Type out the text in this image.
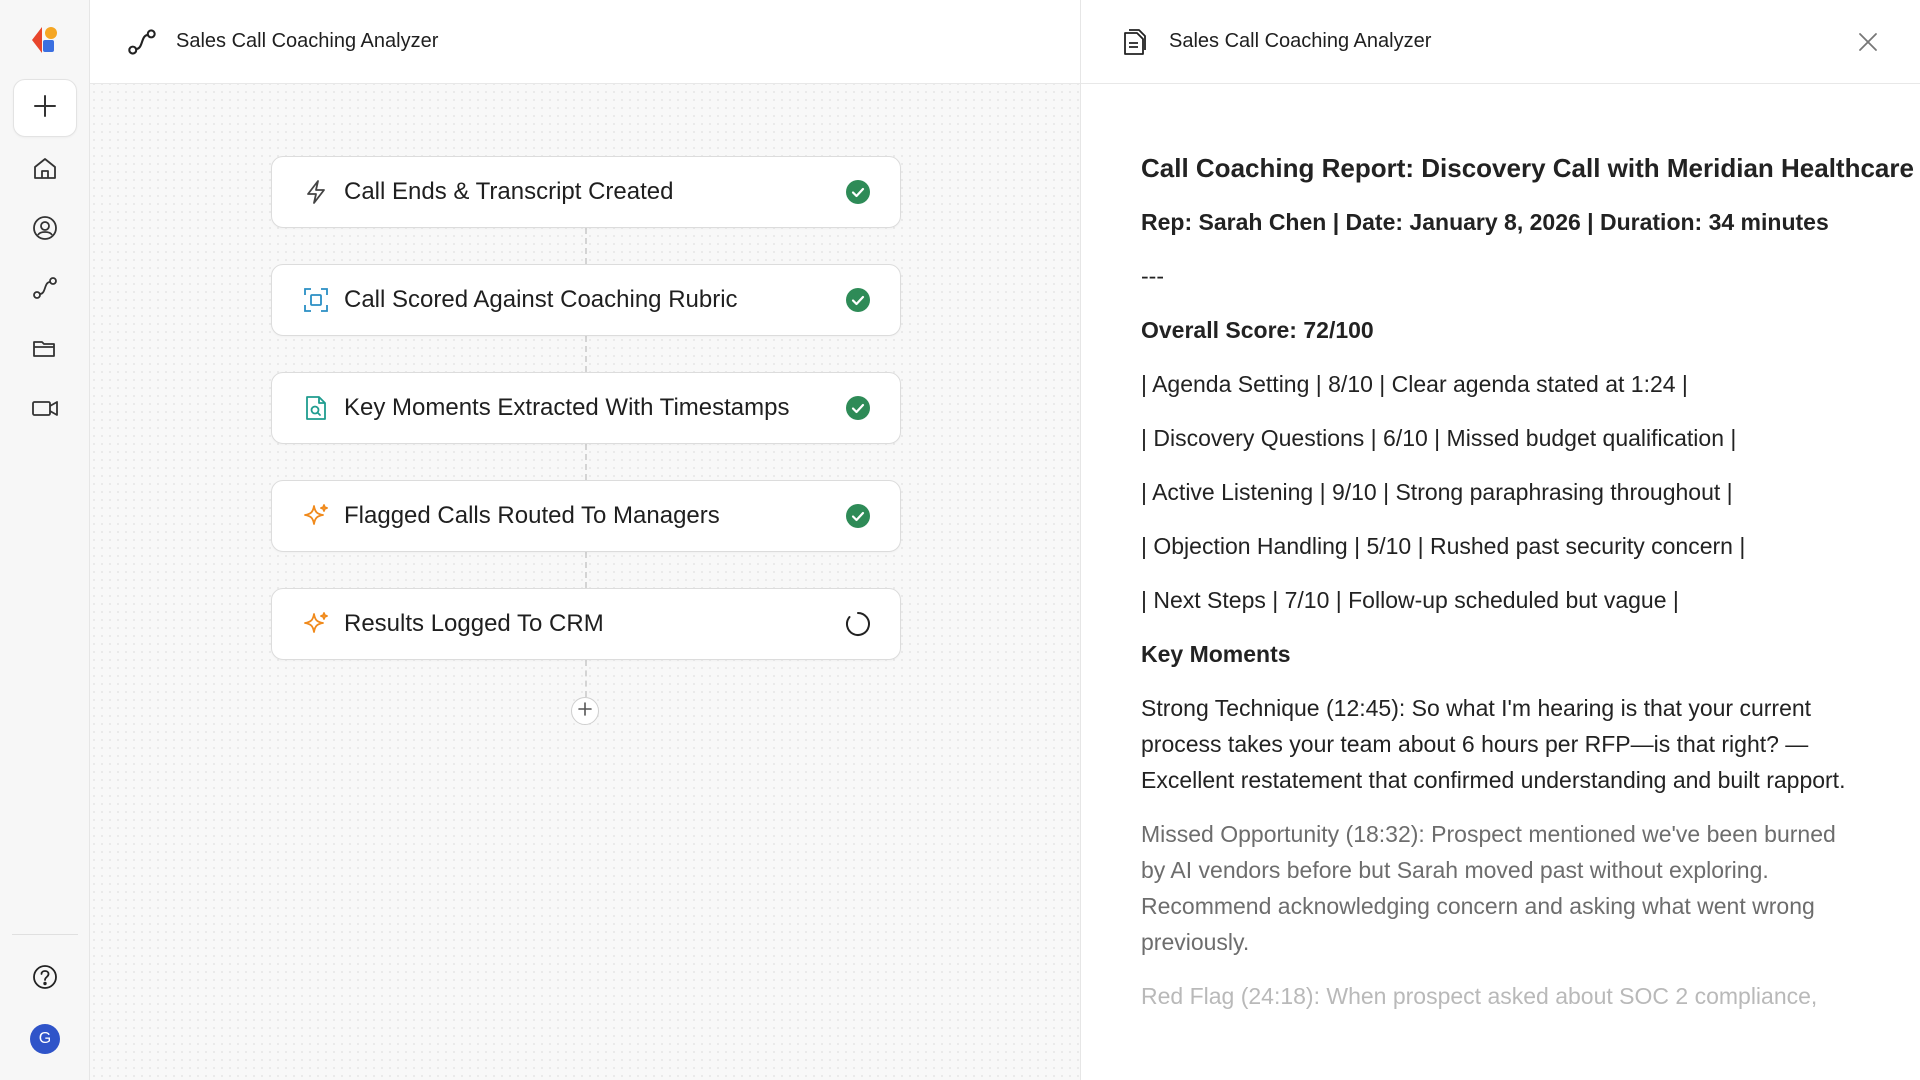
G
Sales Call Coaching Analyzer
Call Ends & Transcript Created
Call Scored Against Coaching Rubric
Key Moments Extracted With Timestamps
Flagged Calls Routed To Managers
Results Logged To CRM
Sales Call Coaching Analyzer
Call Coaching Report: Discovery Call with Meridian Healthcare
Rep: Sarah Chen | Date: January 8, 2026 | Duration: 34 minutes
---
Overall Score: 72/100
| Agenda Setting | 8/10 | Clear agenda stated at 1:24 |
| Discovery Questions | 6/10 | Missed budget qualification |
| Active Listening | 9/10 | Strong paraphrasing throughout |
| Objection Handling | 5/10 | Rushed past security concern |
| Next Steps | 7/10 | Follow-up scheduled but vague |
Key Moments
Strong Technique (12:45): So what I'm hearing is that your current process takes your team about 6 hours per RFP—is that right? — Excellent restatement that confirmed understanding and built rapport.
Missed Opportunity (18:32): Prospect mentioned we've been burned by AI vendors before but Sarah moved past without exploring. Recommend acknowledging concern and asking what went wrong previously.
Red Flag (24:18): When prospect asked about SOC 2 compliance,
